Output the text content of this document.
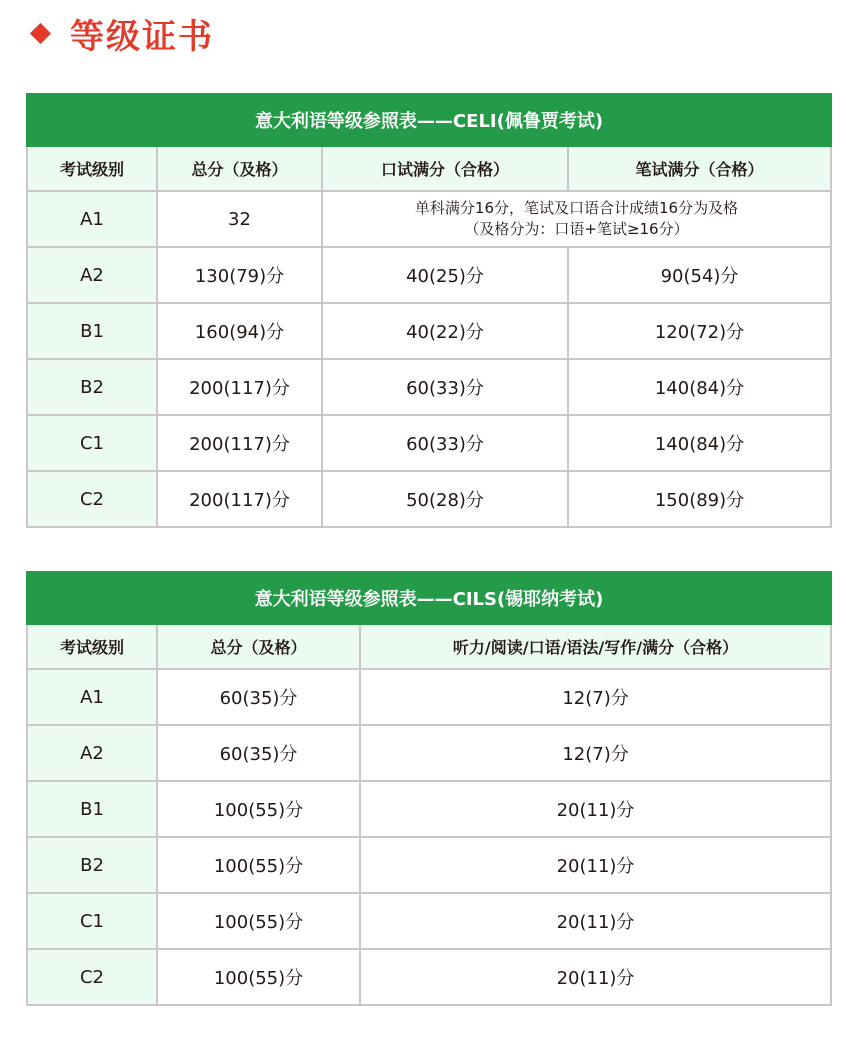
等级证书
意大利语等级参照表——CELI(佩鲁贾考试)			
考试级别	总分（及格）	口试满分（合格）	笔试满分（合格）
A1	32	单科满分16分，笔试及口语合计成绩16分为及格
（及格分为：口语+笔试≥16分）	

A2	130(79)分	40(25)分	90(54)分
B1	160(94)分	40(22)分	120(72)分
B2	200(117)分	60(33)分	140(84)分
C1	200(117)分	60(33)分	140(84)分
C2	200(117)分	50(28)分	150(89)分
意大利语等级参照表——CILS(锡耶纳考试)		
考试级别	总分（及格）	听力/阅读/口语/语法/写作/满分（合格）
A1	60(35)分	12(7)分
A2	60(35)分	12(7)分
B1	100(55)分	20(11)分
B2	100(55)分	20(11)分
C1	100(55)分	20(11)分
C2	100(55)分	20(11)分
